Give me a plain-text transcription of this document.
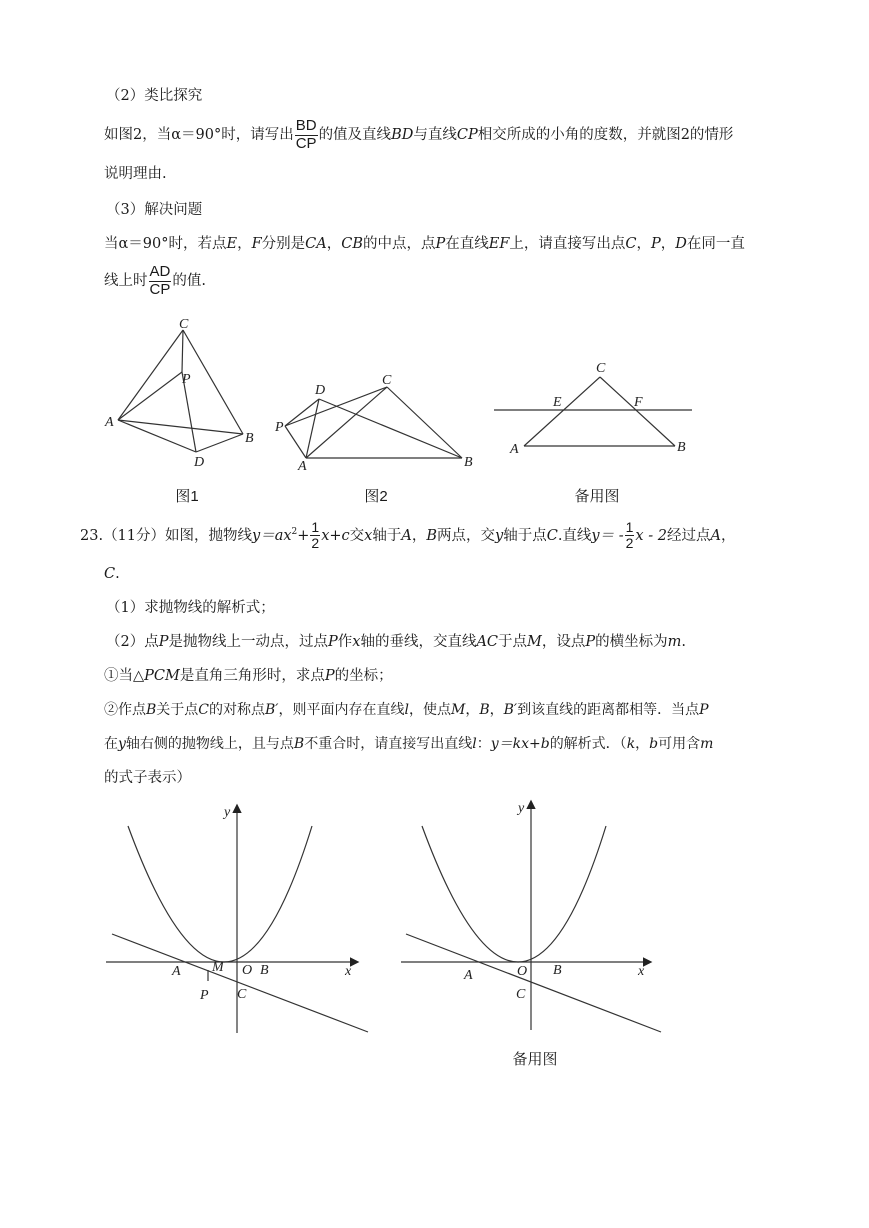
（2）类比探究
如图2，当α＝90°时，请写出 $\frac{BD}{CP}$ 的值及直线BD与直线CP相交所成的小角的度数，并就图2的情形
说明理由.
（3）解决问题
当α＝90°时，若点E，F分别是CA，CB的中点，点P在直线EF上，请直接写出点C，P，D在同一直
线上时 $\frac{AD}{CP}$ 的值.
C
P
A
B
D
图1
D
C
P
A	B
图2
C
E	F
A	B
备用图
23.（11分）如图，抛物线$y=ax^2+ \frac{1}{2} x+c$交x轴于A，B两点，交y轴于点C.直线$y= - \frac{1}{2}$ x - 2经过点A，
C.
（1）求抛物线的解析式；
（2）点P是抛物线上一动点，过点P作x轴的垂线，交直线AC于点M，设点P的横坐标为m.
①当△PCM是直角三角形时，求点P的坐标；
②作点B关于点C的对称点B′，则平面内存在直线l，使点M，B，B′到该直线的距离都相等．当点P
在y轴右侧的抛物线上，且与点B不重合时，请直接写出直线l：y＝kx+b的解析式．（k，b可用含m
的式子表示）
y
x
A M O B
P C
y
x
A	O B
C
备用图
